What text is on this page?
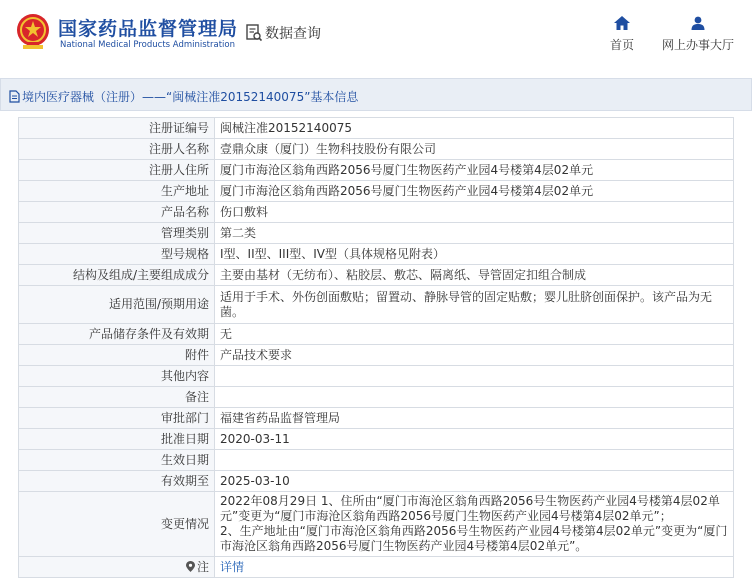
国家药品监督管理局
National Medical Products Administration
数据查询
首页 网上办事大厅
境内医疗器械（注册）——“闽械注准20152140075”基本信息
注册证编号	闽械注准20152140075
注册人名称	壹鼎众康（厦门）生物科技股份有限公司
注册人住所	厦门市海沧区翁角西路2056号厦门生物医药产业园4号楼第4层02单元
生产地址	厦门市海沧区翁角西路2056号厦门生物医药产业园4号楼第4层02单元
产品名称	伤口敷料
管理类别	第二类
型号规格	I型、II型、III型、IV型（具体规格见附表）
结构及组成/主要组成成分	主要由基材（无纺布）、粘胶层、敷芯、隔离纸、导管固定扣组合制成
适用范围/预期用途	适用于手术、外伤创面敷贴；留置动、静脉导管的固定贴敷；婴儿肚脐创面保护。该产品为无菌。
产品储存条件及有效期	无
附件	产品技术要求
其他内容	
备注	
审批部门	福建省药品监督管理局
批准日期	2020-03-11
生效日期	
有效期至	2025-03-10
变更情况	2022年08月29日 1、住所由“厦门市海沧区翁角西路2056号生物医药产业园4号楼第4层02单元”变更为“厦门市海沧区翁角西路2056号厦门生物医药产业园4号楼第4层02单元”；
2、生产地址由“厦门市海沧区翁角西路2056号生物医药产业园4号楼第4层02单元”变更为“厦门市海沧区翁角西路2056号厦门生物医药产业园4号楼第4层02单元”。
注	详情
